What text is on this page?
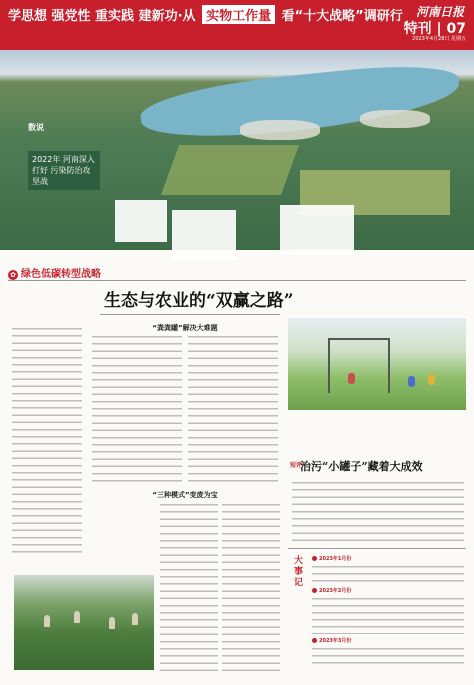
学思想 强党性 重实践 建新功·从 实物工作量 看“十大战略”调研行 河南日报
特刊 | 07
2023年4月28日 星期五
数说
2022年 河南深入打好 污染防治攻坚战
✿ 绿色低碳转型战略
生态与农业的“双赢之路”
“粪粪罐”解决大难题
“三种模式”变废为宝
短评
治污“小罐子”藏着大成效
大事记	2023年1月份
2023年2月份
2023年3月份
